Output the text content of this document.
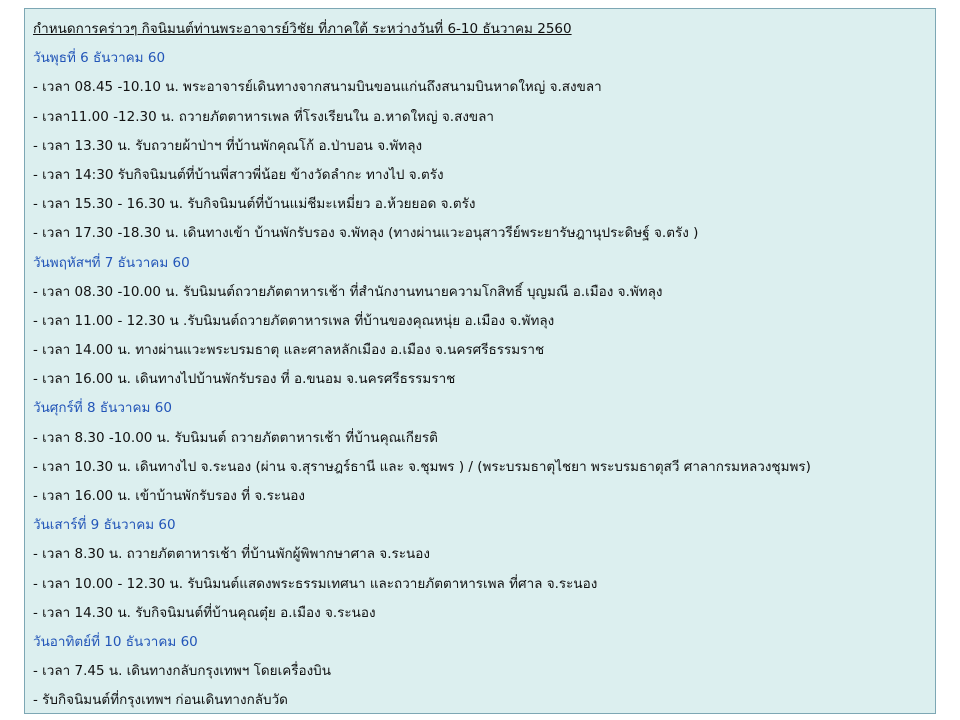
กำหนดการคร่าวๆ กิจนิมนต์ท่านพระอาจารย์วิชัย ที่ภาคใต้ ระหว่างวันที่ 6-10 ธันวาคม 2560
วันพุธที่ 6 ธันวาคม 60
- เวลา 08.45 -10.10 น. พระอาจารย์เดินทางจากสนามบินขอนแก่นถึงสนามบินหาดใหญ่ จ.สงขลา
- เวลา11.00 -12.30 น. ถวายภัตตาหารเพล ที่โรงเรียนใน อ.หาดใหญ่ จ.สงขลา
- เวลา 13.30 น. รับถวายผ้าป่าฯ ที่บ้านพักคุณโก้ อ.ป่าบอน จ.พัทลุง
- เวลา 14:30 รับกิจนิมนต์ที่บ้านพี่สาวพี่น้อย ข้างวัดลำกะ ทางไป จ.ตรัง
- เวลา 15.30 - 16.30 น. รับกิจนิมนต์ที่บ้านแม่ชีมะเหมี่ยว อ.ห้วยยอด จ.ตรัง
- เวลา 17.30 -18.30 น. เดินทางเข้า บ้านพักรับรอง จ.พัทลุง (ทางผ่านแวะอนุสาวรีย์พระยารัษฎานุประดิษฐ์ จ.ตรัง )
วันพฤหัสฯที่ 7 ธันวาคม 60
- เวลา 08.30 -10.00 น. รับนิมนต์ถวายภัตตาหารเช้า ที่สำนักงานทนายความโกสิทธิ์ บุญมณี อ.เมือง จ.พัทลุง
- เวลา 11.00 - 12.30 น .รับนิมนต์ถวายภัตตาหารเพล ที่บ้านของคุณหนุ่ย อ.เมือง จ.พัทลุง
- เวลา 14.00 น. ทางผ่านแวะพระบรมธาตุ และศาลหลักเมือง อ.เมือง จ.นครศรีธรรมราช
- เวลา 16.00 น. เดินทางไปบ้านพักรับรอง ที่ อ.ขนอม จ.นครศรีธรรมราช
วันศุกร์ที่ 8 ธันวาคม 60
- เวลา 8.30 -10.00 น. รับนิมนต์ ถวายภัตตาหารเช้า ที่บ้านคุณเกียรติ
- เวลา 10.30 น. เดินทางไป จ.ระนอง (ผ่าน จ.สุราษฎร์ธานี และ จ.ชุมพร ) / (พระบรมธาตุไชยา พระบรมธาตุสวี ศาลากรมหลวงชุมพร)
- เวลา 16.00 น. เข้าบ้านพักรับรอง ที่ จ.ระนอง
วันเสาร์ที่ 9 ธันวาคม 60
- เวลา 8.30 น. ถวายภัตตาหารเช้า ที่บ้านพักผู้พิพากษาศาล จ.ระนอง
- เวลา 10.00 - 12.30 น. รับนิมนต์แสดงพระธรรมเทศนา และถวายภัตตาหารเพล ที่ศาล จ.ระนอง
- เวลา 14.30 น. รับกิจนิมนต์ที่บ้านคุณตุ๋ย อ.เมือง จ.ระนอง
วันอาทิตย์ที่ 10 ธันวาคม 60
- เวลา 7.45 น. เดินทางกลับกรุงเทพฯ โดยเครื่องบิน
- รับกิจนิมนต์ที่กรุงเทพฯ ก่อนเดินทางกลับวัด
